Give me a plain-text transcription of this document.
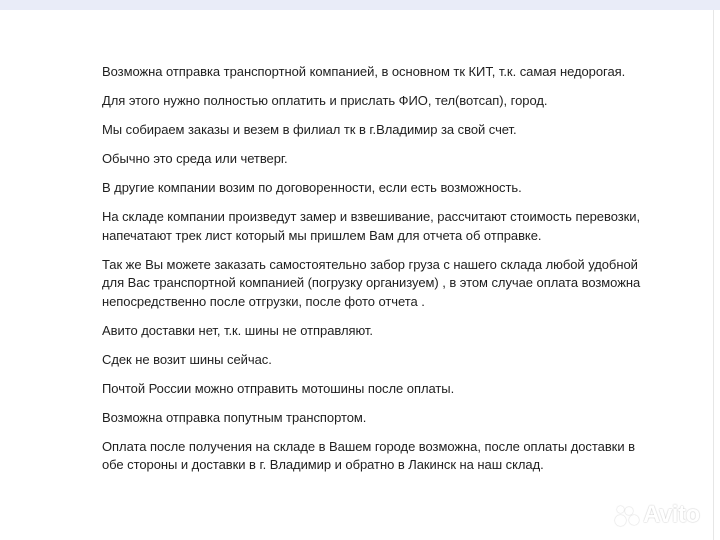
Возможна отправка транспортной компанией, в основном тк КИТ, т.к. самая недорогая.

Для этого нужно полностью оплатить и прислать ФИО, тел(вотсап), город.

Мы собираем заказы и везем в филиал тк в г.Владимир за свой счет.

Обычно это среда или четверг.

В другие компании возим по договоренности, если есть возможность.

На складе компании произведут замер и взвешивание, рассчитают стоимость перевозки,
напечатают трек лист который мы пришлем Вам для отчета об отправке.

Так же Вы можете заказать самостоятельно забор груза с нашего склада любой удобной
для Вас транспортной компанией (погрузку организуем) , в этом случае оплата возможна
непосредственно после отгрузки, после фото отчета .

Авито доставки нет, т.к. шины не отправляют.

Сдек не возит шины сейчас.

Почтой России можно отправить мотошины после оплаты.

Возможна отправка попутным транспортом.

Оплата после получения на складе в Вашем городе возможна, после оплаты доставки в
обе стороны и доставки в г. Владимир и обратно в Лакинск на наш склад.

Avito
